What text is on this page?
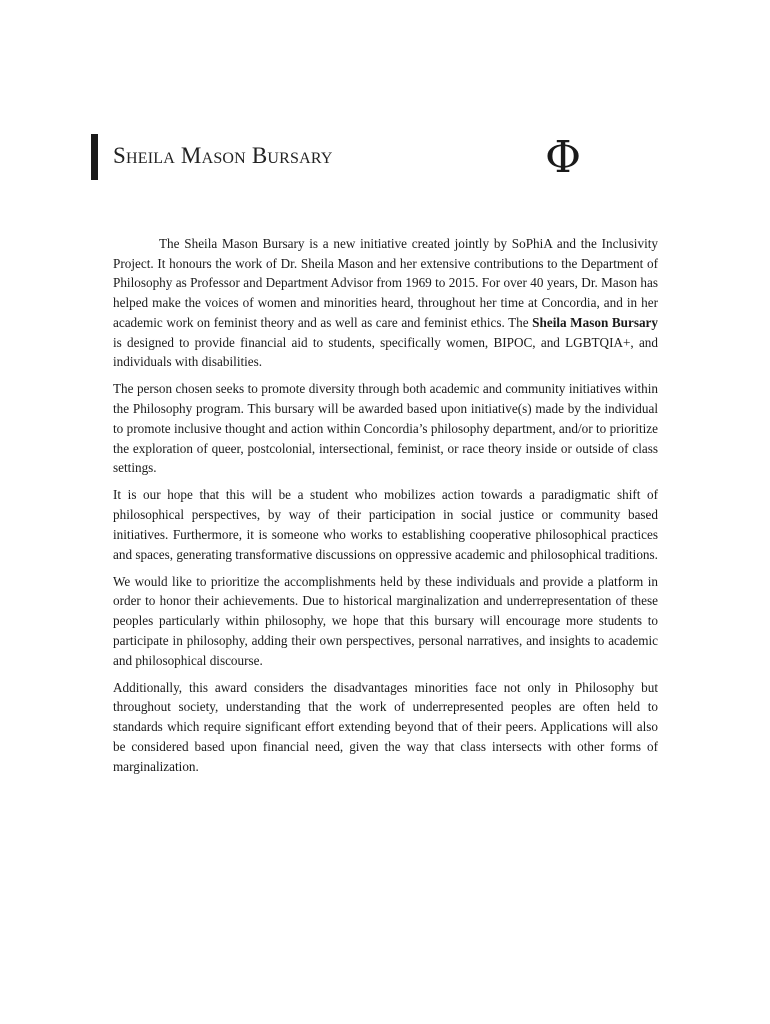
Sheila Mason Bursary	Φ

The Sheila Mason Bursary is a new initiative created jointly by SoPhiA and the Inclusivity Project. It honours the work of Dr. Sheila Mason and her extensive contributions to the Department of Philosophy as Professor and Department Advisor from 1969 to 2015. For over 40 years, Dr. Mason has helped make the voices of women and minorities heard, throughout her time at Concordia, and in her academic work on feminist theory and as well as care and feminist ethics. The Sheila Mason Bursary is designed to provide financial aid to students, specifically women, BIPOC, and LGBTQIA+, and individuals with disabilities.

The person chosen seeks to promote diversity through both academic and community initiatives within the Philosophy program. This bursary will be awarded based upon initiative(s) made by the individual to promote inclusive thought and action within Concordia’s philosophy department, and/or to prioritize the exploration of queer, postcolonial, intersectional, feminist, or race theory inside or outside of class settings.

It is our hope that this will be a student who mobilizes action towards a paradigmatic shift of philosophical perspectives, by way of their participation in social justice or community based initiatives. Furthermore, it is someone who works to establishing cooperative philosophical practices and spaces, generating transformative discussions on oppressive academic and philosophical traditions.

We would like to prioritize the accomplishments held by these individuals and provide a platform in order to honor their achievements. Due to historical marginalization and underrepresentation of these peoples particularly within philosophy, we hope that this bursary will encourage more students to participate in philosophy, adding their own perspectives, personal narratives, and insights to academic and philosophical discourse.

Additionally, this award considers the disadvantages minorities face not only in Philosophy but throughout society, understanding that the work of underrepresented peoples are often held to standards which require significant effort extending beyond that of their peers. Applications will also be considered based upon financial need, given the way that class intersects with other forms of marginalization.
